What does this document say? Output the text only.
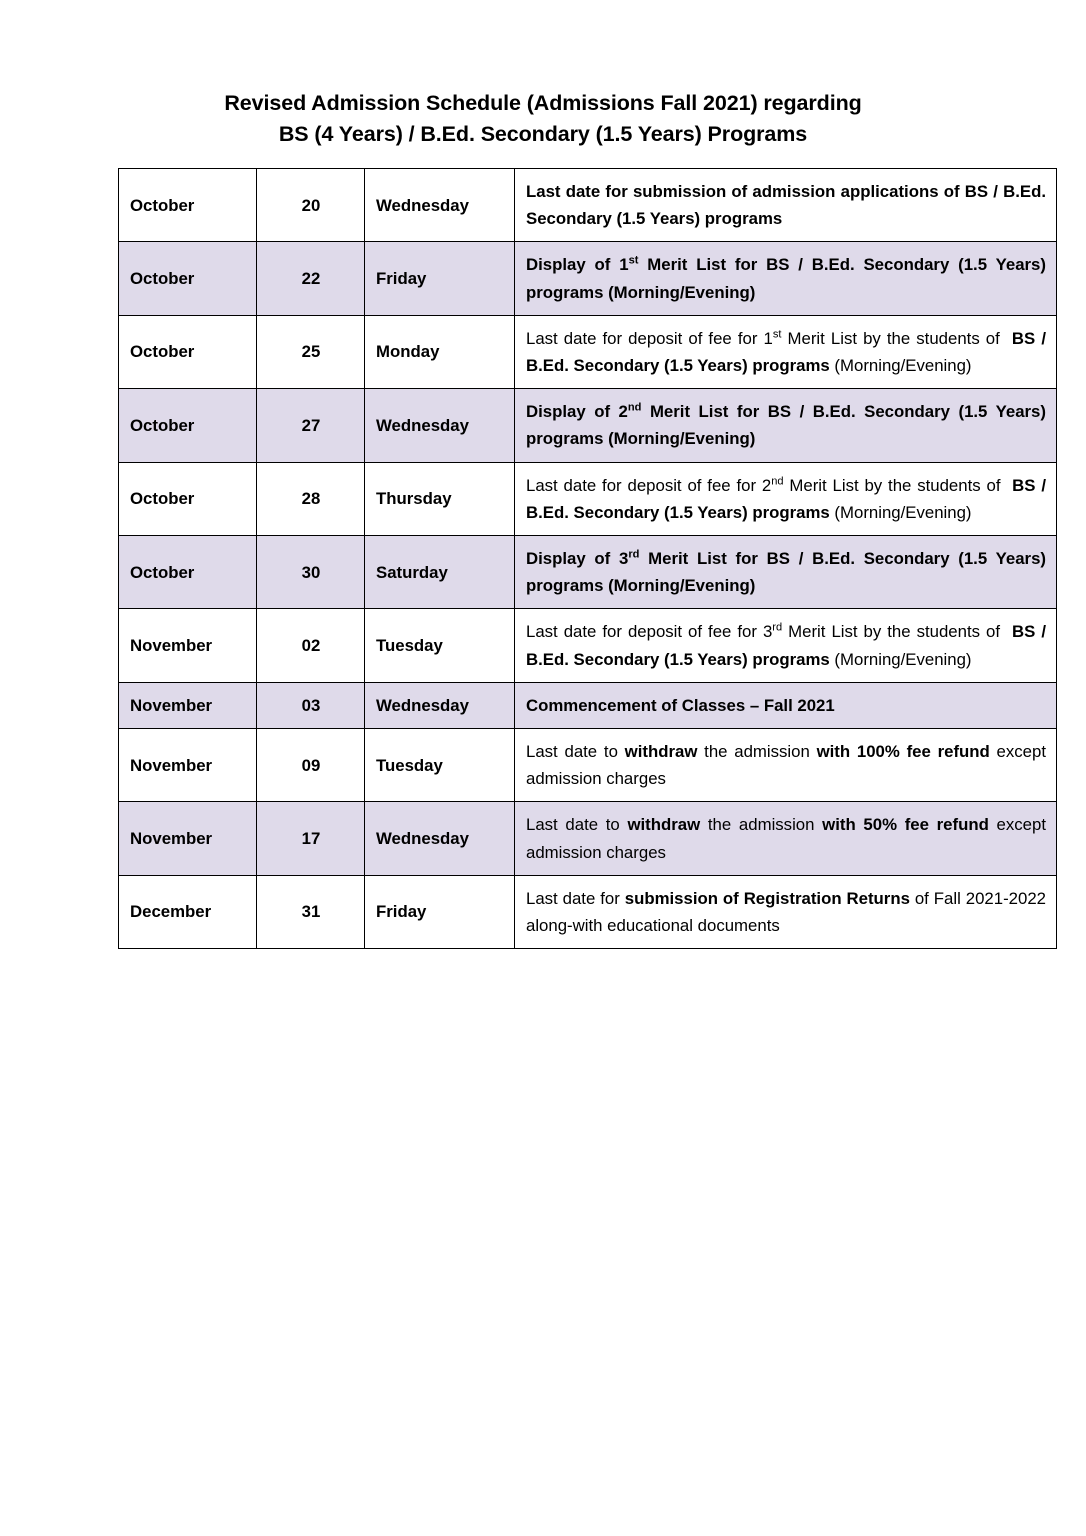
Revised Admission Schedule (Admissions Fall 2021) regarding
BS (4 Years) / B.Ed. Secondary (1.5 Years) Programs
October	20	Wednesday	Last date for submission of admission applications of BS / B.Ed. Secondary (1.5 Years) programs
October	22	Friday	Display of 1st Merit List for BS / B.Ed. Secondary (1.5 Years) programs (Morning/Evening)
October	25	Monday	Last date for deposit of fee for 1st Merit List by the students of  BS / B.Ed. Secondary (1.5 Years) programs (Morning/Evening)
October	27	Wednesday	Display of 2nd Merit List for BS / B.Ed. Secondary (1.5 Years) programs (Morning/Evening)
October	28	Thursday	Last date for deposit of fee for 2nd Merit List by the students of  BS / B.Ed. Secondary (1.5 Years) programs (Morning/Evening)
October	30	Saturday	Display of 3rd Merit List for BS / B.Ed. Secondary (1.5 Years) programs (Morning/Evening)
November	02	Tuesday	Last date for deposit of fee for 3rd Merit List by the students of  BS / B.Ed. Secondary (1.5 Years) programs (Morning/Evening)
November	03	Wednesday	Commencement of Classes – Fall 2021
November	09	Tuesday	Last date to withdraw the admission with 100% fee refund except admission charges
November	17	Wednesday	Last date to withdraw the admission with 50% fee refund except admission charges
December	31	Friday	Last date for submission of Registration Returns of Fall 2021-2022 along-with educational documents
